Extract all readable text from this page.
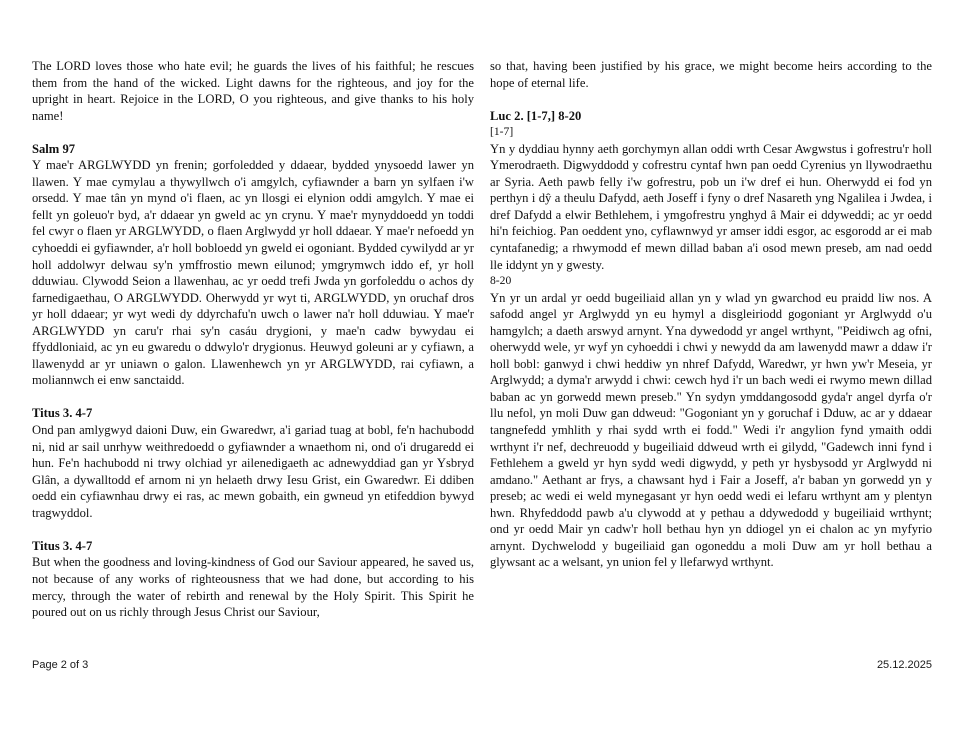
The LORD loves those who hate evil; he guards the lives of his faithful; he rescues them from the hand of the wicked. Light dawns for the righteous, and joy for the upright in heart. Rejoice in the LORD, O you righteous, and give thanks to his holy name!

Salm 97

Y mae'r ARGLWYDD yn frenin; gorfoledded y ddaear, bydded ynysoedd lawer yn llawen. Y mae cymylau a thywyllwch o'i amgylch, cyfiawnder a barn yn sylfaen i'w orsedd. Y mae tân yn mynd o'i flaen, ac yn llosgi ei elynion oddi amgylch. Y mae ei fellt yn goleuo'r byd, a'r ddaear yn gweld ac yn crynu. Y mae'r mynyddoedd yn toddi fel cwyr o flaen yr ARGLWYDD, o flaen Arglwydd yr holl ddaear. Y mae'r nefoedd yn cyhoeddi ei gyfiawnder, a'r holl bobloedd yn gweld ei ogoniant. Bydded cywilydd ar yr holl addolwyr delwau sy'n ymffrostio mewn eilunod; ymgrymwch iddo ef, yr holl dduwiau. Clywodd Seion a llawenhau, ac yr oedd trefi Jwda yn gorfoleddu o achos dy farnedigaethau, O ARGLWYDD. Oherwydd yr wyt ti, ARGLWYDD, yn oruchaf dros yr holl ddaear; yr wyt wedi dy ddyrchafu'n uwch o lawer na'r holl dduwiau. Y mae'r ARGLWYDD yn caru'r rhai sy'n casáu drygioni, y mae'n cadw bywydau ei ffyddloniaid, ac yn eu gwaredu o ddwylo'r drygionus. Heuwyd goleuni ar y cyfiawn, a llawenydd ar yr uniawn o galon. Llawenhewch yn yr ARGLWYDD, rai cyfiawn, a moliannwch ei enw sanctaidd.

Titus 3. 4-7

Ond pan amlygwyd daioni Duw, ein Gwaredwr, a'i gariad tuag at bobl, fe'n hachubodd ni, nid ar sail unrhyw weithredoedd o gyfiawnder a wnaethom ni, ond o'i drugaredd ei hun. Fe'n hachubodd ni trwy olchiad yr ailenedigaeth ac adnewyddiad gan yr Ysbryd Glân, a dywalltodd ef arnom ni yn helaeth drwy Iesu Grist, ein Gwaredwr. Ei ddiben oedd ein cyfiawnhau drwy ei ras, ac mewn gobaith, ein gwneud yn etifeddion bywyd tragwyddol.

Titus 3. 4-7

But when the goodness and loving-kindness of God our Saviour appeared, he saved us, not because of any works of righteousness that we had done, but according to his mercy, through the water of rebirth and renewal by the Holy Spirit. This Spirit he poured out on us richly through Jesus Christ our Saviour,

so that, having been justified by his grace, we might become heirs according to the hope of eternal life.

Luc 2. [1-7,] 8-20

[1-7]

Yn y dyddiau hynny aeth gorchymyn allan oddi wrth Cesar Awgwstus i gofrestru'r holl Ymerodraeth. Digwyddodd y cofrestru cyntaf hwn pan oedd Cyrenius yn llywodraethu ar Syria. Aeth pawb felly i'w gofrestru, pob un i'w dref ei hun. Oherwydd ei fod yn perthyn i dŷ a theulu Dafydd, aeth Joseff i fyny o dref Nasareth yng Ngalilea i Jwdea, i dref Dafydd a elwir Bethlehem, i ymgofrestru ynghyd â Mair ei ddyweddi; ac yr oedd hi'n feichiog. Pan oeddent yno, cyflawnwyd yr amser iddi esgor, ac esgorodd ar ei mab cyntafanedig; a rhwymodd ef mewn dillad baban a'i osod mewn preseb, am nad oedd lle iddynt yn y gwesty.

8-20

Yn yr un ardal yr oedd bugeiliaid allan yn y wlad yn gwarchod eu praidd liw nos. A safodd angel yr Arglwydd yn eu hymyl a disgleiriodd gogoniant yr Arglwydd o'u hamgylch; a daeth arswyd arnynt. Yna dywedodd yr angel wrthynt, "Peidiwch ag ofni, oherwydd wele, yr wyf yn cyhoeddi i chwi y newydd da am lawenydd mawr a ddaw i'r holl bobl: ganwyd i chwi heddiw yn nhref Dafydd, Waredwr, yr hwn yw'r Meseia, yr Arglwydd; a dyma'r arwydd i chwi: cewch hyd i'r un bach wedi ei rwymo mewn dillad baban ac yn gorwedd mewn preseb." Yn sydyn ymddangosodd gyda'r angel dyrfa o'r llu nefol, yn moli Duw gan ddweud: "Gogoniant yn y goruchaf i Dduw, ac ar y ddaear tangnefedd ymhlith y rhai sydd wrth ei fodd." Wedi i'r angylion fynd ymaith oddi wrthynt i'r nef, dechreuodd y bugeiliaid ddweud wrth ei gilydd, "Gadewch inni fynd i Fethlehem a gweld yr hyn sydd wedi digwydd, y peth yr hysbysodd yr Arglwydd ni amdano." Aethant ar frys, a chawsant hyd i Fair a Joseff, a'r baban yn gorwedd yn y preseb; ac wedi ei weld mynegasant yr hyn oedd wedi ei lefaru wrthynt am y plentyn hwn. Rhyfeddodd pawb a'u clywodd at y pethau a ddywedodd y bugeiliaid wrthynt; ond yr oedd Mair yn cadw'r holl bethau hyn yn ddiogel yn ei chalon ac yn myfyrio arnynt. Dychwelodd y bugeiliaid gan ogoneddu a moli Duw am yr holl bethau a glywsant ac a welsant, yn union fel y llefarwyd wrthynt.

Page 2 of 3	25.12.2025
